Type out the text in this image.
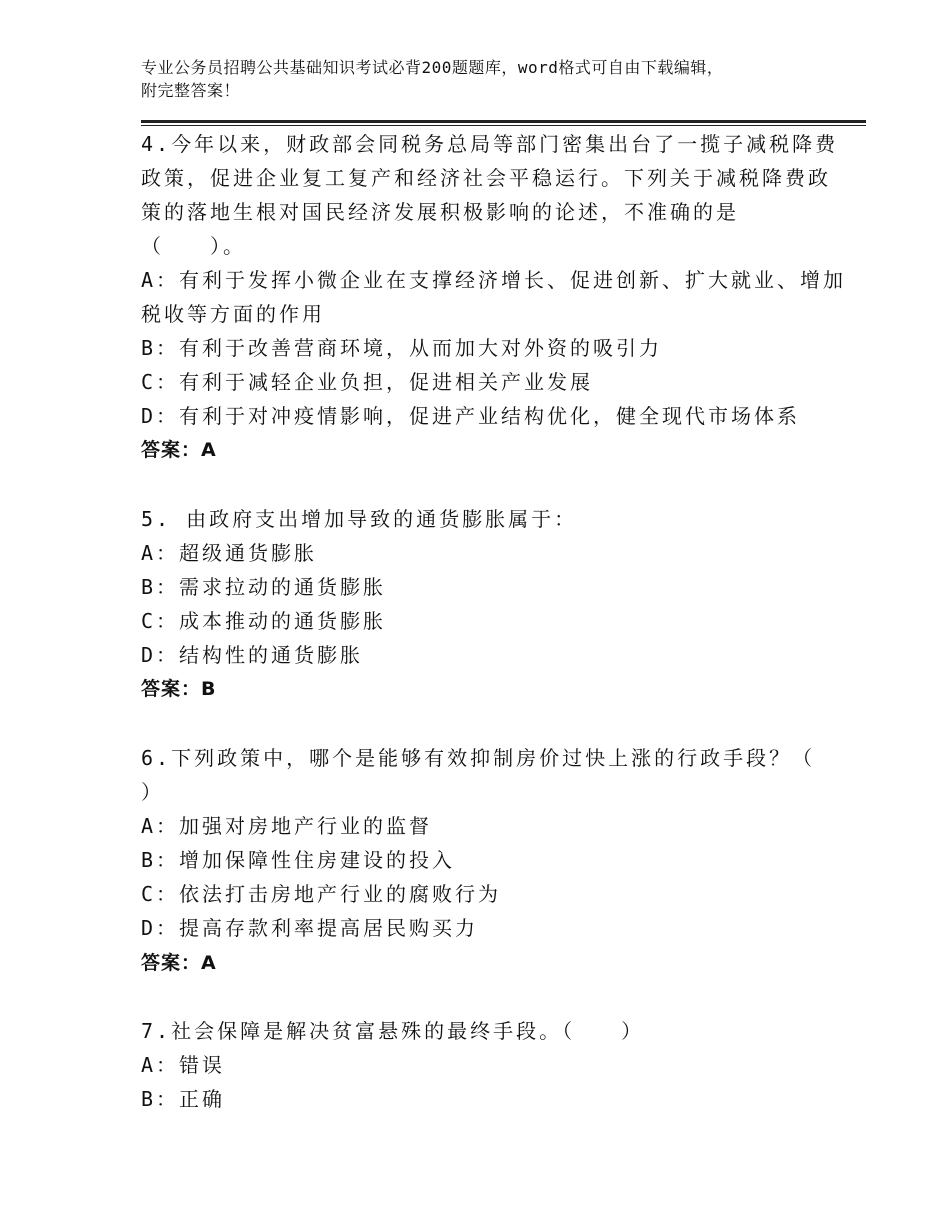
专业公务员招聘公共基础知识考试必背200题题库，word格式可自由下载编辑，
附完整答案！
4.今年以来，财政部会同税务总局等部门密集出台了一揽子减税降费
政策，促进企业复工复产和经济社会平稳运行。下列关于减税降费政
策的落地生根对国民经济发展积极影响的论述，不准确的是
（　　）。
A：有利于发挥小微企业在支撑经济增长、促进创新、扩大就业、增加
税收等方面的作用
B：有利于改善营商环境，从而加大对外资的吸引力
C：有利于减轻企业负担，促进相关产业发展
D：有利于对冲疫情影响，促进产业结构优化，健全现代市场体系
答案：A
5. 由政府支出增加导致的通货膨胀属于：
A：超级通货膨胀
B：需求拉动的通货膨胀
C：成本推动的通货膨胀
D：结构性的通货膨胀
答案：B
6.下列政策中，哪个是能够有效抑制房价过快上涨的行政手段？（
）
A：加强对房地产行业的监督
B：增加保障性住房建设的投入
C：依法打击房地产行业的腐败行为
D：提高存款利率提高居民购买力
答案：A
7.社会保障是解决贫富悬殊的最终手段。（　　）
A：错误
B：正确
